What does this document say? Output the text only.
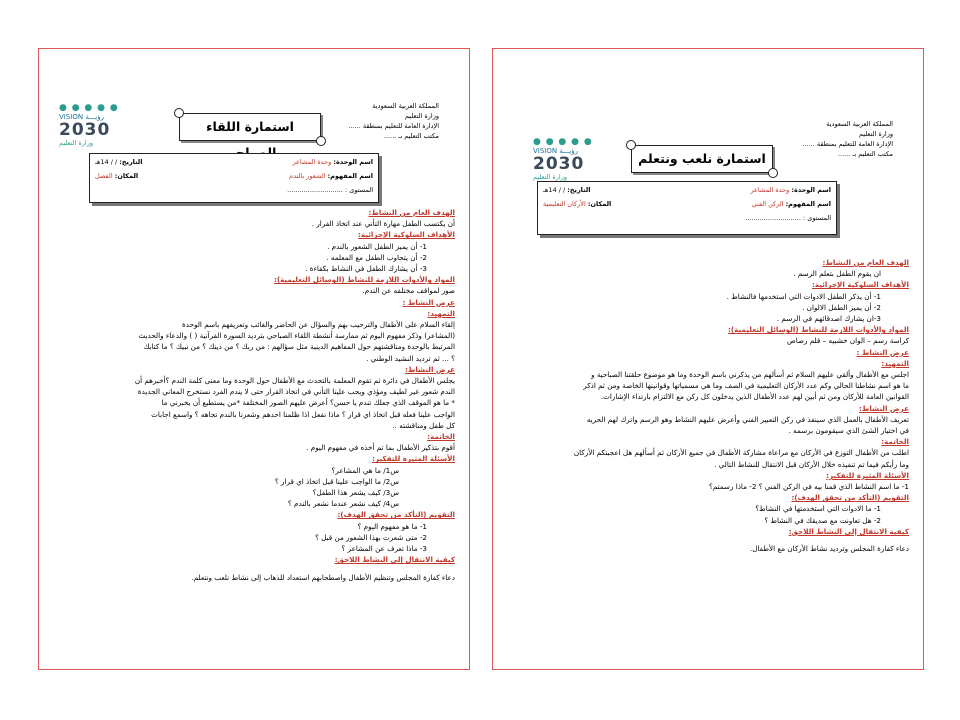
المملكة العربية السعودية
وزارة التعليم
الإدارة العامة للتعليم بمنطقة ......
مكتب التعليم بـ ......
استمارة اللقاء
● ● ● ● ●
VISION رؤيـــة
2030
وزارة التعليم
اسم الوحدة: وحدة المشاعر
التاريخ: / / 14هـ
اسم المفهوم: الشعور بالندم
المكان: الفصل
المستوى : ...........................
الهدف العام من النشاط:
أن يكتسب الطفل مهارة التأني عند اتخاذ القرار .
الأهداف السلوكية الإجرائية:
1- أن يميز الطفل الشعور بالندم .
2- أن يتجاوب الطفل مع المعلمه .
3- أن يشارك الطفل في النشاط بكفاءة .
المواد والأدوات اللازمة للنشاط (الوسائل التعليمية):
صور لمواقف مختلفه عن الندم.
عرض النشاط :
التمهيد:
إلقاء السلام على الأطفال والترحيب بهم والسؤال عن الحاضر والغائب وتعريفهم باسم الوحدة
(المشاعر) وذكر مفهوم اليوم ثم ممارسة أنشطة اللقاء الصباحي بترديد السورة القرآنية ( ) والدعاء والحديث
المرتبط بالوحدة ومناقشتهم حول المفاهيم الدينية مثل سؤالهم : من ربك ؟ من دينك ؟ من نبيك ؟ ما كتابك
؟ ... ثم ترديد النشيد الوطني .
عرض النشاط:
يجلس الأطفال في دائرة ثم تقوم المعلمة بالتحدث مع الأطفال حول الوحدة وما معنى كلمة الندم ؟أخبرهم أن
الندم شعور غير لطيف ومؤذي ويجب علينا التأني في اتخاذ القرار حتى لا يندم الفرد نستخرج المعاني الجديدة
* ما هو الموقف الذي جعلك تندم يا حسن؟ أعرض عليهم الصور المختلفة *من يستطيع أن يخبرني ما
الواجب علينا فعله قبل اتخاذ اي قرار ؟ ماذا نفعل اذا ظلمنا احدهم وشعرنا بالندم تجاهه ؟ واسمع اجابات
كل طفل ومناقشته ..
الخاتمة:
أقوم بتذكير الأطفال بما تم أخذه في مفهوم اليوم .
الأسئلة المثيرة للتفكير:
س1/ ما هي المشاعر؟
س2/ ما الواجب علينا قبل اتخاذ اي قرار ؟
س3/ كيف يشعر هذا الطفل؟
س4/ كيف نشعر عندما نشعر بالندم ؟
التقويم (التأكد من تحقق الهدف):
1- ما هو مفهوم اليوم ؟
2- متى شعرت بهذا الشعور من قبل ؟
3- ماذا تعرف عن المشاعر ؟
كيفية الانتقال إلى النشاط اللاحق:
دعاء كفارة المجلس وتنظيم الأطفال واصطحابهم استعداد للذهاب إلى نشاط نلعب ونتعلم.
المملكة العربية السعودية
وزارة التعليم
الإدارة العامة للتعليم بمنطقة ......
مكتب التعليم بـ ......
استمارة نلعب ونتعلم
● ● ● ● ●
VISION رؤيـــة
2030
وزارة التعليم
اسم الوحدة: وحدة المشاعر
التاريخ: / / 14هـ
اسم المفهوم: الركن الفني
المكان: الأركان التعليمية
المستوى : ...........................
الهدف العام من النشاط:
ان يقوم الطفل بتعلم الرسم .
الأهداف السلوكية الإجرائية:
1- أن يذكر الطفل الادوات التي استخدمها فالنشاط .
2- أن يميز الطفل الالوان .
3-ان يشارك اصدقائهم في الرسم .
المواد والأدوات اللازمة للنشاط (الوسائل التعليمية):
كراسة رسم – الوان خشبيه – قلم رصاص
عرض النشاط :
التمهيد:
اجلس مع الأطفال وألقي عليهم السلام ثم أسألهم من يذكرني باسم الوحدة وما هو موضوع حلقتنا الصباحية و
ما هو اسم نشاطنا الحالي وكم عدد الأركان التعليمية في الصف وما هي مسمياتها وقوانينها الخاصة ومن ثم اذكر
القوانين العامة للأركان ومن ثم أبين لهم عدد الأطفال الذين يدخلون كل ركن مع الالتزام بارتداء الإشارات.
عرض النشاط:
تعريف الأطفال بالعمل الذي سينفذ في ركن التعبير الفني وأعرض عليهم النشاط وهو الرسم واترك لهم الحريه
في اختيار الشئ الذي سيقومون برسمه .
الخاتمة:
اطلب من الأطفال التوزع في الأركان مع مراعاة مشاركة الأطفال في جميع الأركان ثم أسألهم هل اعجبتكم الأركان
وما رأيكم فيما تم تنفيذه خلال الأركان قبل الانتقال للنشاط التالي .
الأسئلة المثيرة للتفكير:
1- ما اسم النشاط الذي قمنا بيه في الركن الفني ؟ 2- ماذا رسمتم؟
التقويم (التأكد من تحقق الهدف):
1- ما الادوات التي استخدمتها في النشاط؟
2- هل تعاونت مع صديقك في النشاط ؟
كيفية الانتقال إلى النشاط اللاحق:
دعاء كفارة المجلس وترديد نشاط الأركان مع الأطفال.
